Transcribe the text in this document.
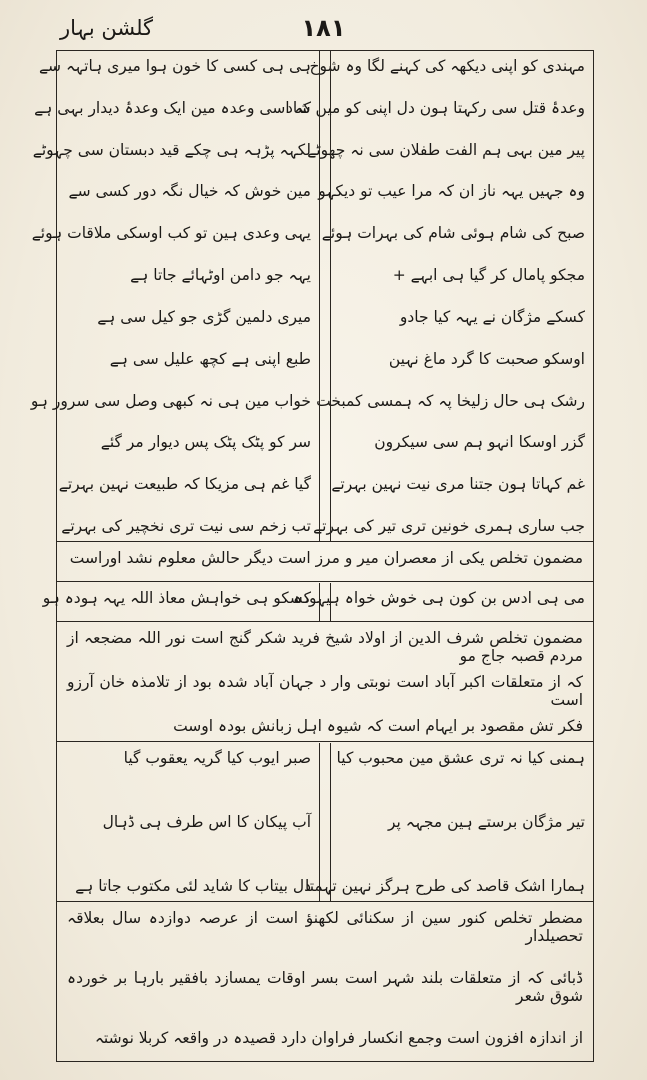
گلشن بہار	۱۸۱
مہندی کو اپنی دیکھہ کی کہنے لگا وہ شوخ
وعدۂ قتل سی رکہتا ہون دل اپنی کو میں شاد
پیر مین بہی ہم الفت طفلان سی نہ چھوٹے
وہ جہیں یہہ ناز ان کہ مرا عیب تو دیکہو
صبح کی شام ہوئی شام کی بہرات ہوئے
مجکو پامال کر گیا ہی ابہے +
کسکے مژگان نے یہہ کیا جادو
اوسکو صحبت کا گرد ماغ نہین
رشک ہی حال زلیخا پہ کہ ہمسی کمبخت
گزر اوسکا انہو ہم سی سیکرون
غم کہاتا ہون جتنا مری نیت نہین بہرتے
جب ساری ہمری خونین تری تیر کی بہرتے
ہی ہی کسی کا خون ہوا میری ہاتہہ سے
کہ اسی وعدہ مین ایک وعدۂ دیدار بہی ہے
لکہہ پڑہہ ہی چکے قید دبستان سی چہوٹے
مین خوش کہ خیال نگہ دور کسی سے
یہی وعدی ہین تو کب اوسکی ملاقات ہوئے
یہہ جو دامن اوٹہائے جاتا ہے
میری دلمین گڑی جو کیل سی ہے
طبع اپنی ہے کچھ علیل سی ہے
خواب مین ہی نہ کبھی وصل سی سرور ہو
سر کو پٹک پٹک پس دیوار مر گئے
گیا غم ہی مزیکا کہ طبیعت نہین بہرتے
تب زخم سی نیت تری نخچیر کی بہرتے
مضمون تخلص یکی از معصران میر و مرز است دیگر حالش معلوم نشد اوراست
می ہی ادس بن کون ہی خوش خواہ ہیہودہ
کسکو ہی خواہش معاذ اللہ یہہ ہودہ ہو
مضمون تخلص شرف الدین از اولاد شیخ فرید شکر گنج است نور اللہ مضجعہ از مردم قصبہ جاج مو
کہ از متعلقات اکبر آباد است نوبتی وار د جہان آباد شدہ بود از تلامذہ خان آرزو است
فکر تش مقصود بر ایہام است کہ شیوہ اہل زبانش بودہ اوست
ہمنی کیا نہ تری عشق مین محبوب کیا
تیر مژگان برستے ہین مجہہ پر
ہمارا اشک قاصد کی طرح ہرگز نہین تہمتا
صبر ایوب کیا گریہ یعقوب گیا
آب پیکان کا اس طرف ہی ڈہال
دل بیتاب کا شاید لئی مکتوب جاتا ہے
مضطر تخلص کنور سین از سکنائی لکھنؤ است از عرصہ دوازدہ سال بعلاقہ تحصیلدار
ڈبائی کہ از متعلقات بلند شہر است بسر اوقات یمسازد بافقیر بارہا بر خوردہ شوق شعر
از اندازہ افزون است وجمع انکسار فراوان دارد قصیدہ در واقعہ کربلا نوشتہ
